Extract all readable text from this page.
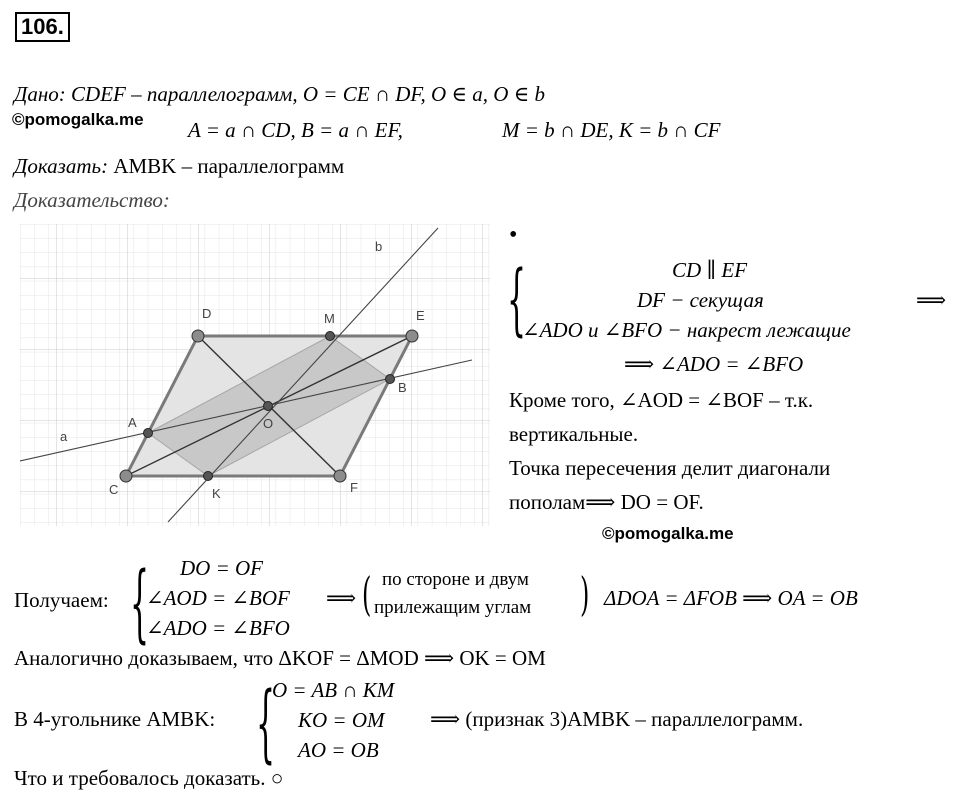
106.
Дано: CDEF – параллелограмм, O = CE ∩ DF, O ∈ a, O ∈ b
©pomogalka.me A = a ∩ CD, B = a ∩ EF,	M = b ∩ DE, K = b ∩ CF
Доказать: AMBK – параллелограмм
Доказательство:
D	M	E
A	O
B
C	K	F
a
b	•
{	CD ∥ EF
DF − секущая
∠ADO и ∠BFO − накрест лежащие
⟹
⟹ ∠ADO = ∠BFO
Кроме того, ∠AOD = ∠BOF – т.к.
вертикальные.
Точка пересечения делит диагонали
пополам⟹ DO = OF.
©pomogalka.me
Получаем: { DO = OF
∠AOD = ∠BOF
∠ADO = ∠BFO
⟹ ( по стороне и двум
прилежащим углам ) ΔDOA = ΔFOB ⟹ OA = OB
Аналогично доказываем, что ΔKOF = ΔMOD ⟹ OK = OM
В 4-угольнике AMBK: {
O = AB ∩ KM
KO = OM
AO = OB
⟹ (признак 3)AMBK – параллелограмм.
Что и требовалось доказать. ○
